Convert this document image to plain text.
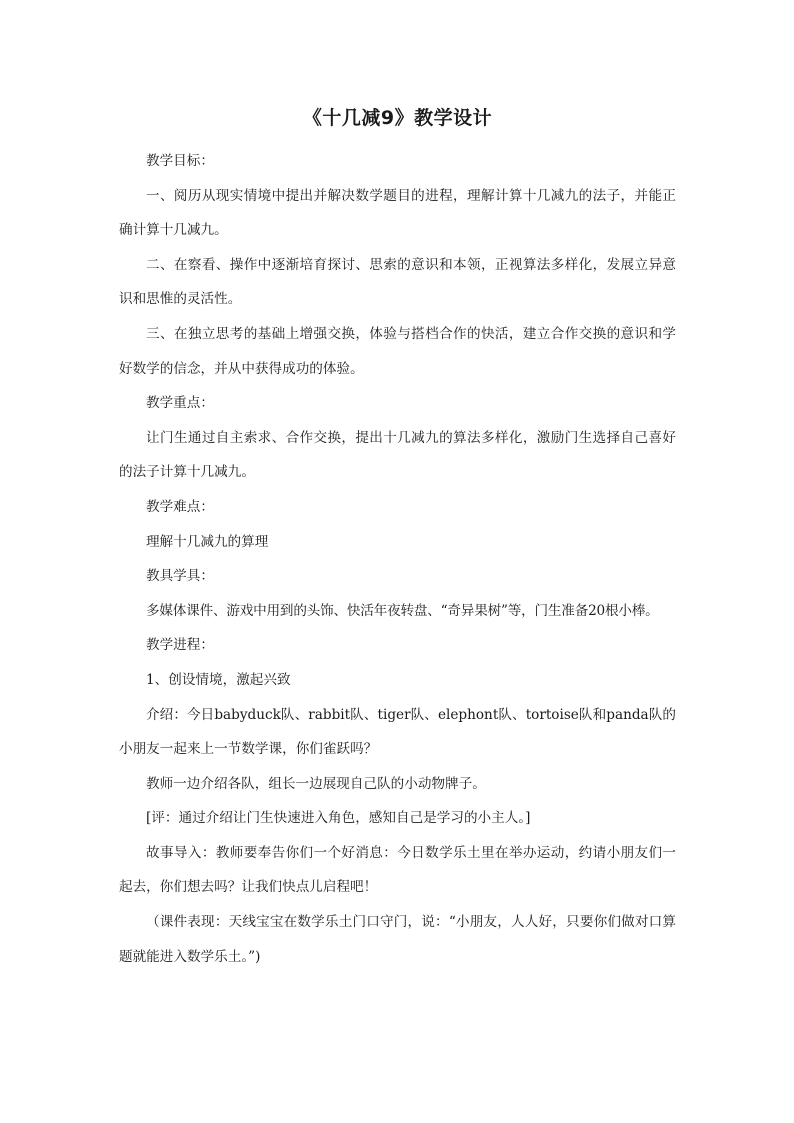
《十几减9》教学设计

教学目标：

一、阅历从现实情境中提出并解决数学题目的进程，理解计算十几减九的法子，并能正确计算十几减九。

二、在察看、操作中逐渐培育探讨、思索的意识和本领，正视算法多样化，发展立异意识和思惟的灵活性。

三、在独立思考的基础上增强交换，体验与搭档合作的快活，建立合作交换的意识和学好数学的信念，并从中获得成功的体验。

教学重点：

让门生通过自主索求、合作交换，提出十几减九的算法多样化，激励门生选择自己喜好的法子计算十几减九。

教学难点：

理解十几减九的算理

教具学具：

多媒体课件、游戏中用到的头饰、快活年夜转盘、“奇异果树”等，门生准备20根小棒。

教学进程：

1、创设情境，激起兴致

介绍：今日babyduck队、rabbit队、tiger队、elephont队、tortoise队和panda队的小朋友一起来上一节数学课，你们雀跃吗？

教师一边介绍各队，组长一边展现自己队的小动物牌子。

[评：通过介绍让门生快速进入角色，感知自己是学习的小主人。]

故事导入：教师要奉告你们一个好消息：今日数学乐土里在举办运动，约请小朋友们一起去，你们想去吗？让我们快点儿启程吧！

（课件表现：天线宝宝在数学乐土门口守门，说：“小朋友，人人好，只要你们做对口算题就能进入数学乐土。”)
